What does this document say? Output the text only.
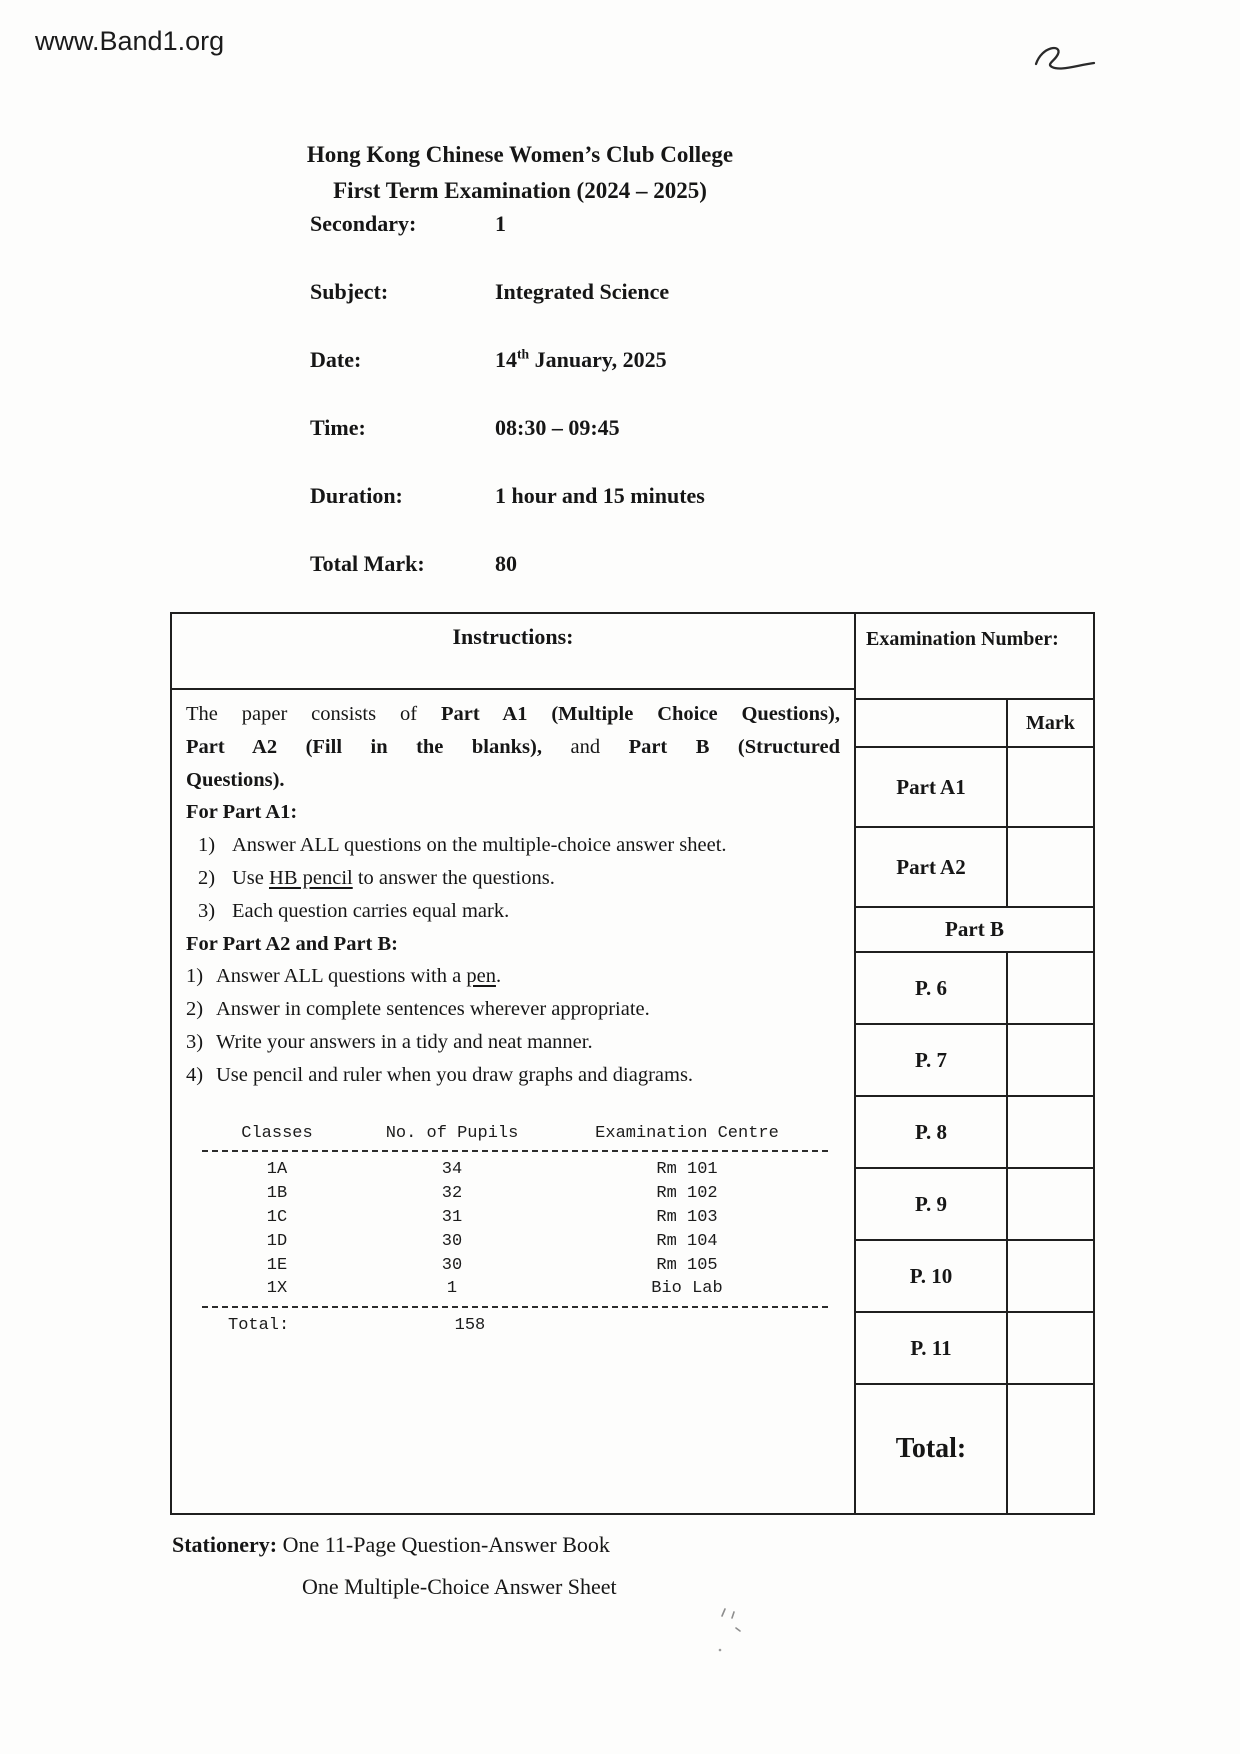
www.Band1.org
Hong Kong Chinese Women’s Club College
First Term Examination (2024 – 2025)
Secondary:	1
Subject:	Integrated Science
Date:	14th January, 2025
Time:	08:30 – 09:45
Duration:	1 hour and 15 minutes
Total Mark:	80
Instructions:
The paper consists of Part A1 (Multiple Choice Questions),
Part A2 (Fill in the blanks), and Part B (Structured
Questions).
For Part A1:
1) Answer ALL questions on the multiple-choice answer sheet.
2) Use HB pencil to answer the questions.
3) Each question carries equal mark.
For Part A2 and Part B:
1) Answer ALL questions with a pen.
2) Answer in complete sentences wherever appropriate.
3) Write your answers in a tidy and neat manner.
4) Use pencil and ruler when you draw graphs and diagrams.
Classes	No. of Pupils	Examination Centre
1A	34	Rm 101
1B	32	Rm 102
1C	31	Rm 103
1D	30	Rm 104
1E	30	Rm 105
1X	1	Bio Lab
Total:	158
Examination Number:
Mark
Part A1
Part A2
Part B
P. 6
P. 7
P. 8
P. 9
P. 10
P. 11
Total:
Stationery: One 11-Page Question-Answer Book
One Multiple-Choice Answer Sheet
